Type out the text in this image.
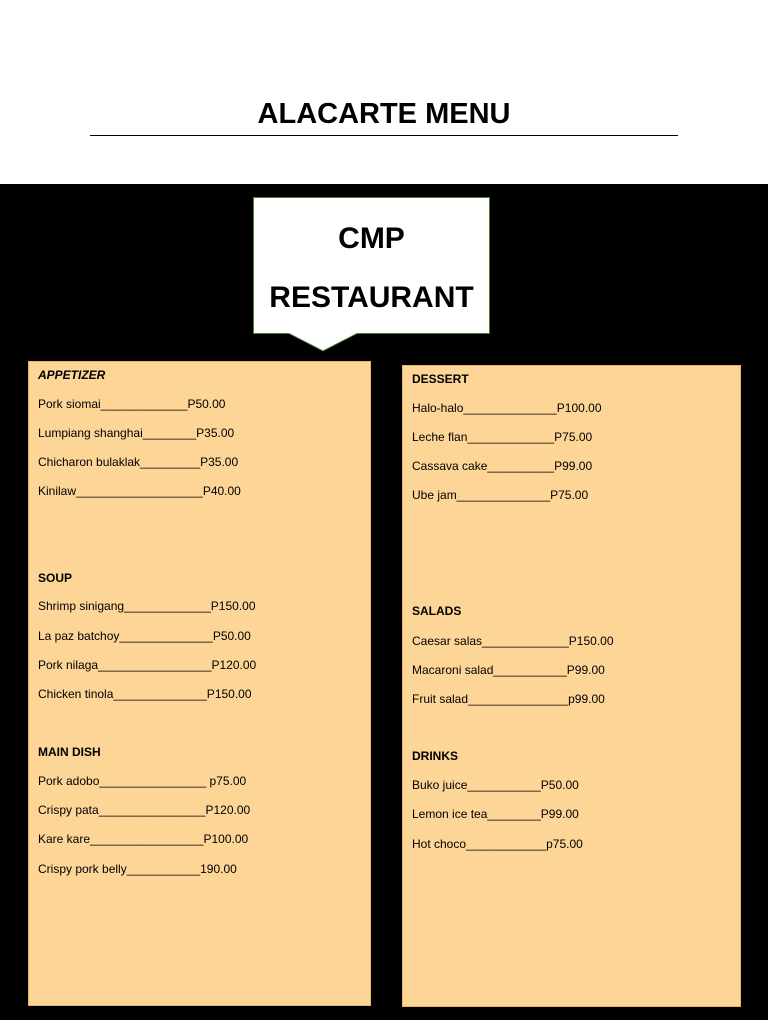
ALACARTE MENU
CMP
RESTAURANT
APPETIZER
Pork siomai_____________P50.00
Lumpiang shanghai________P35.00
Chicharon bulaklak_________P35.00
Kinilaw___________________P40.00
SOUP
Shrimp sinigang_____________P150.00
La paz batchoy______________P50.00
Pork nilaga_________________P120.00
Chicken tinola______________P150.00
MAIN DISH
Pork adobo________________ p75.00
Crispy pata________________P120.00
Kare kare_________________P100.00
Crispy pork belly___________190.00
DESSERT
Halo-halo______________P100.00
Leche flan_____________P75.00
Cassava cake__________P99.00
Ube jam______________P75.00
SALADS
Caesar salas_____________P150.00
Macaroni salad___________P99.00
Fruit salad_______________p99.00
DRINKS
Buko juice___________P50.00
Lemon ice tea________P99.00
Hot choco____________p75.00
